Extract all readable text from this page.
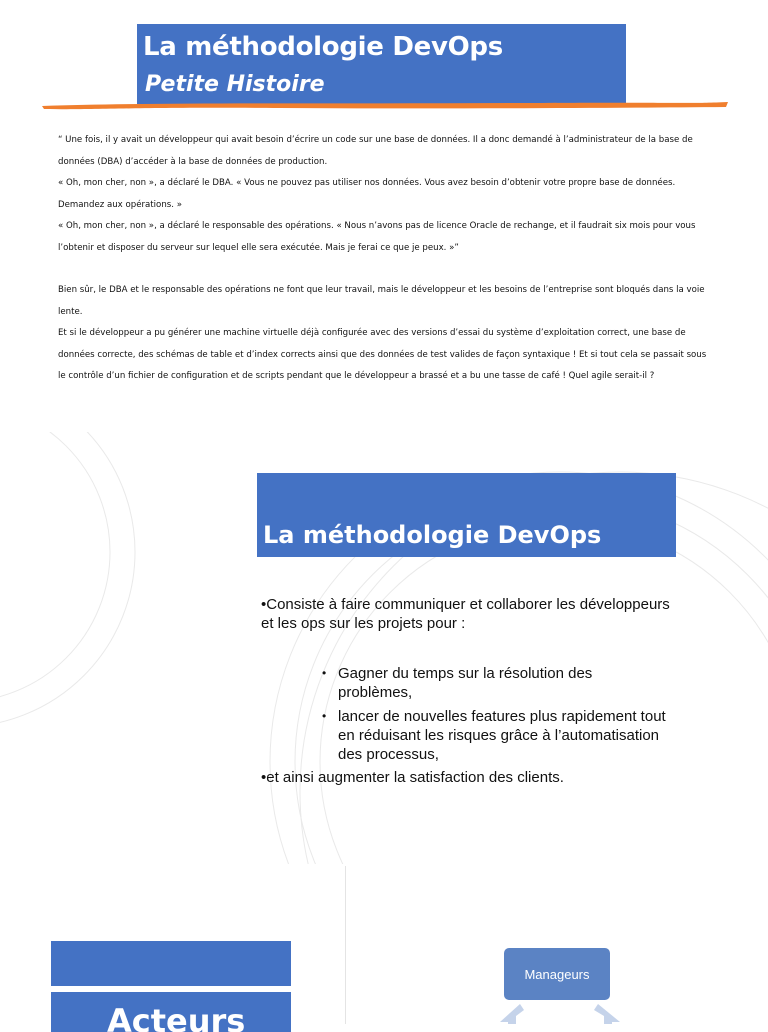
La méthodologie DevOps
Petite Histoire

“ Une fois, il y avait un développeur qui avait besoin d’écrire un code sur une base de données. Il a donc demandé à l’administrateur de la base de données (DBA) d’accéder à la base de données de production.

« Oh, mon cher, non », a déclaré le DBA. « Vous ne pouvez pas utiliser nos données. Vous avez besoin d’obtenir votre propre base de données. Demandez aux opérations. »

« Oh, mon cher, non », a déclaré le responsable des opérations. « Nous n’avons pas de licence Oracle de rechange, et il faudrait six mois pour vous l’obtenir et disposer du serveur sur lequel elle sera exécutée. Mais je ferai ce que je peux. »”

Bien sûr, le DBA et le responsable des opérations ne font que leur travail, mais le développeur et les besoins de l’entreprise sont bloqués dans la voie lente.

Et si le développeur a pu générer une machine virtuelle déjà configurée avec des versions d’essai du système d’exploitation correct, une base de données correcte, des schémas de table et d’index corrects ainsi que des données de test valides de façon syntaxique ! Et si tout cela se passait sous le contrôle d’un fichier de configuration et de scripts pendant que le développeur a brassé et a bu une tasse de café ! Quel agile serait-il ?

La méthodologie DevOps

•Consiste à faire communiquer et collaborer les développeurs et les ops sur les projets pour :

• Gagner du temps sur la résolution des problèmes,
• lancer de nouvelles features plus rapidement tout en réduisant les risques grâce à l’automatisation des processus,
•et ainsi augmenter la satisfaction des clients.
Acteurs
Manageurs
